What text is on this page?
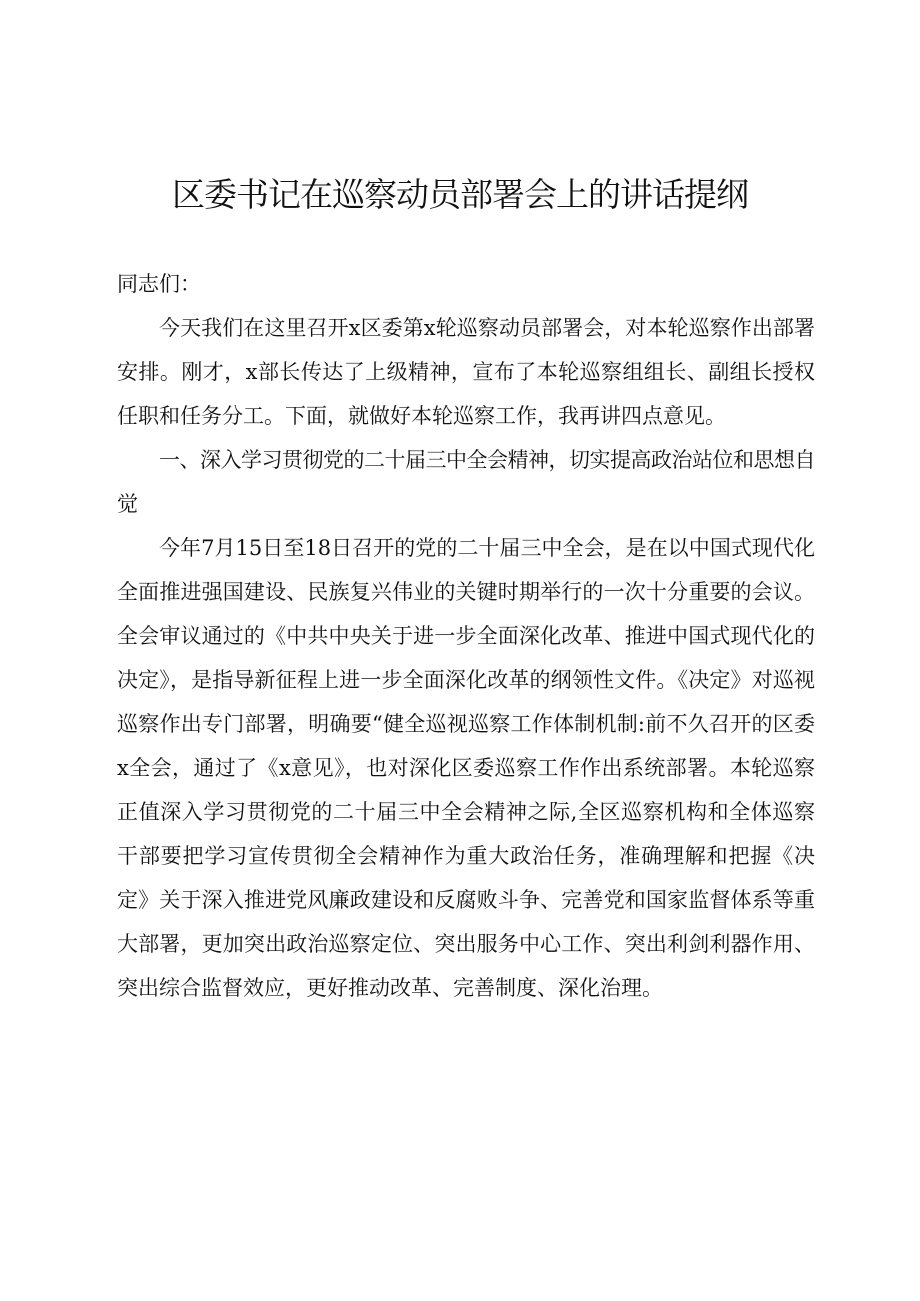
区委书记在巡察动员部署会上的讲话提纲

同志们：

今天我们在这里召开x区委第x轮巡察动员部署会，对本轮巡察作出部署安排。刚才，x部长传达了上级精神，宣布了本轮巡察组组长、副组长授权任职和任务分工。下面，就做好本轮巡察工作，我再讲四点意见。

一、深入学习贯彻党的二十届三中全会精神，切实提高政治站位和思想自觉

今年7月15日至18日召开的党的二十届三中全会，是在以中国式现代化全面推进强国建设、民族复兴伟业的关键时期举行的一次十分重要的会议。全会审议通过的《中共中央关于进一步全面深化改革、推进中国式现代化的决定》，是指导新征程上进一步全面深化改革的纲领性文件。《决定》对巡视巡察作出专门部署，明确要“健全巡视巡察工作体制机制:前不久召开的区委x全会，通过了《x意见》，也对深化区委巡察工作作出系统部署。本轮巡察正值深入学习贯彻党的二十届三中全会精神之际,全区巡察机构和全体巡察干部要把学习宣传贯彻全会精神作为重大政治任务，准确理解和把握《决定》关于深入推进党风廉政建设和反腐败斗争、完善党和国家监督体系等重大部署，更加突出政治巡察定位、突出服务中心工作、突出利剑利器作用、突出综合监督效应，更好推动改革、完善制度、深化治理。
